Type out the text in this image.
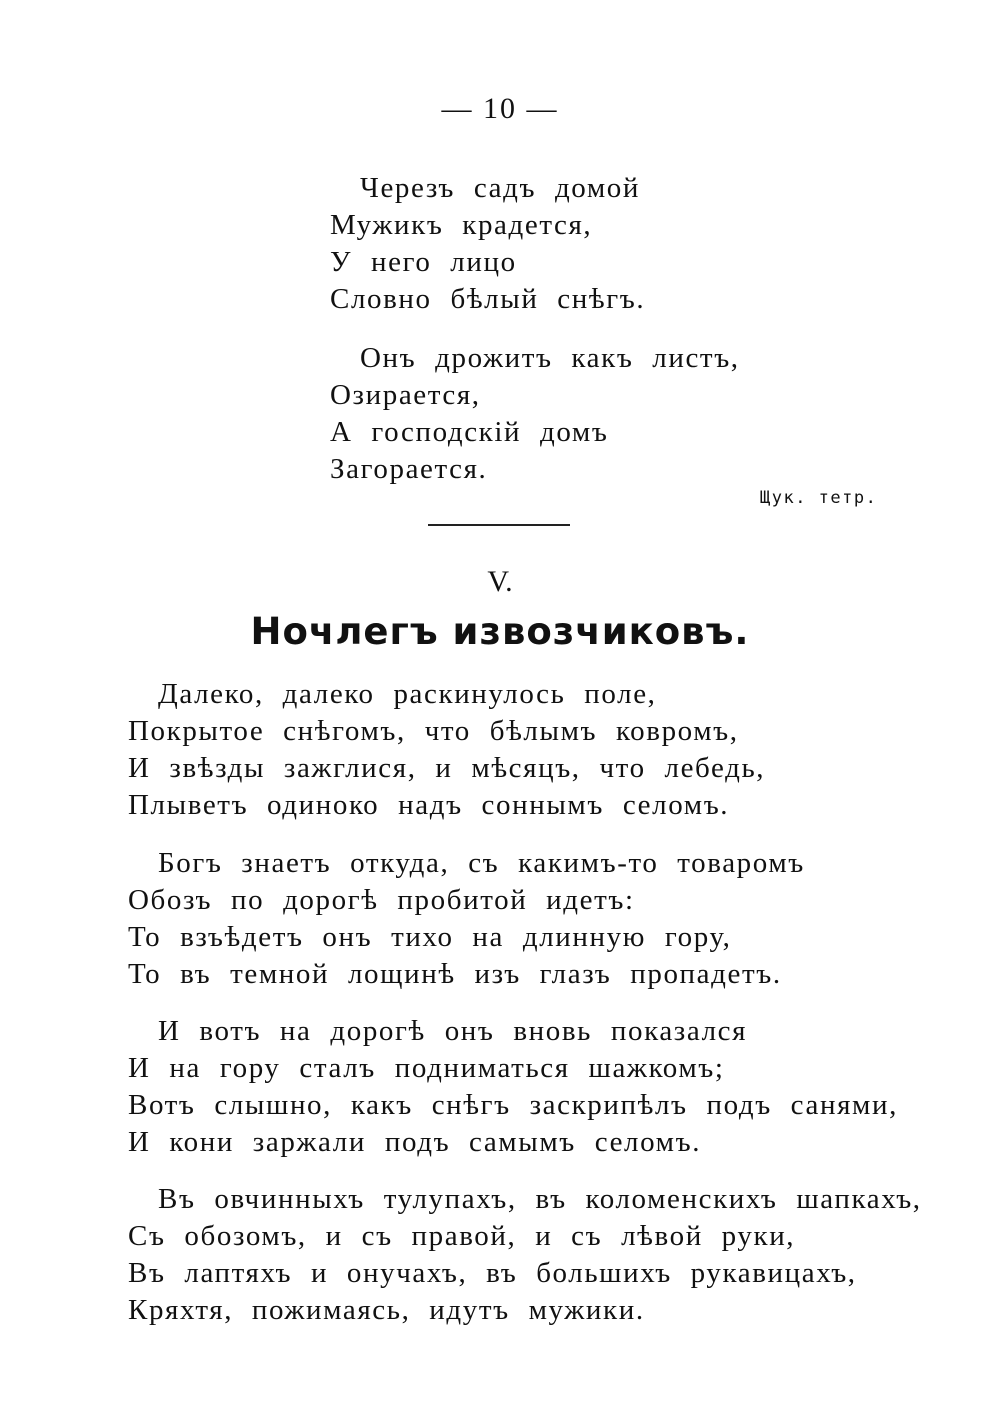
— 10 —
Черезъ садъ домой
Мужикъ крадется,
У него лицо
Словно бѣлый снѣгъ.
Онъ дрожитъ какъ листъ,
Озирается,
А господскій домъ
Загорается.
Щук. тетр.
V.
Ночлегъ извозчиковъ.
Далеко, далеко раскинулось поле,
Покрытое снѣгомъ, что бѣлымъ ковромъ,
И звѣзды зажглися, и мѣсяцъ, что лебедь,
Плыветъ одиноко надъ соннымъ селомъ.
Богъ знаетъ откуда, съ какимъ-то товаромъ
Обозъ по дорогѣ пробитой идетъ:
То взъѣдетъ онъ тихо на длинную гору,
То въ темной лощинѣ изъ глазъ пропадетъ.
И вотъ на дорогѣ онъ вновь показался
И на гору сталъ подниматься шажкомъ;
Вотъ слышно, какъ снѣгъ заскрипѣлъ подъ санями,
И кони заржали подъ самымъ селомъ.
Въ овчинныхъ тулупахъ, въ коломенскихъ шапкахъ,
Съ обозомъ, и съ правой, и съ лѣвой руки,
Въ лаптяхъ и онучахъ, въ большихъ рукавицахъ,
Кряхтя, пожимаясь, идутъ мужики.
